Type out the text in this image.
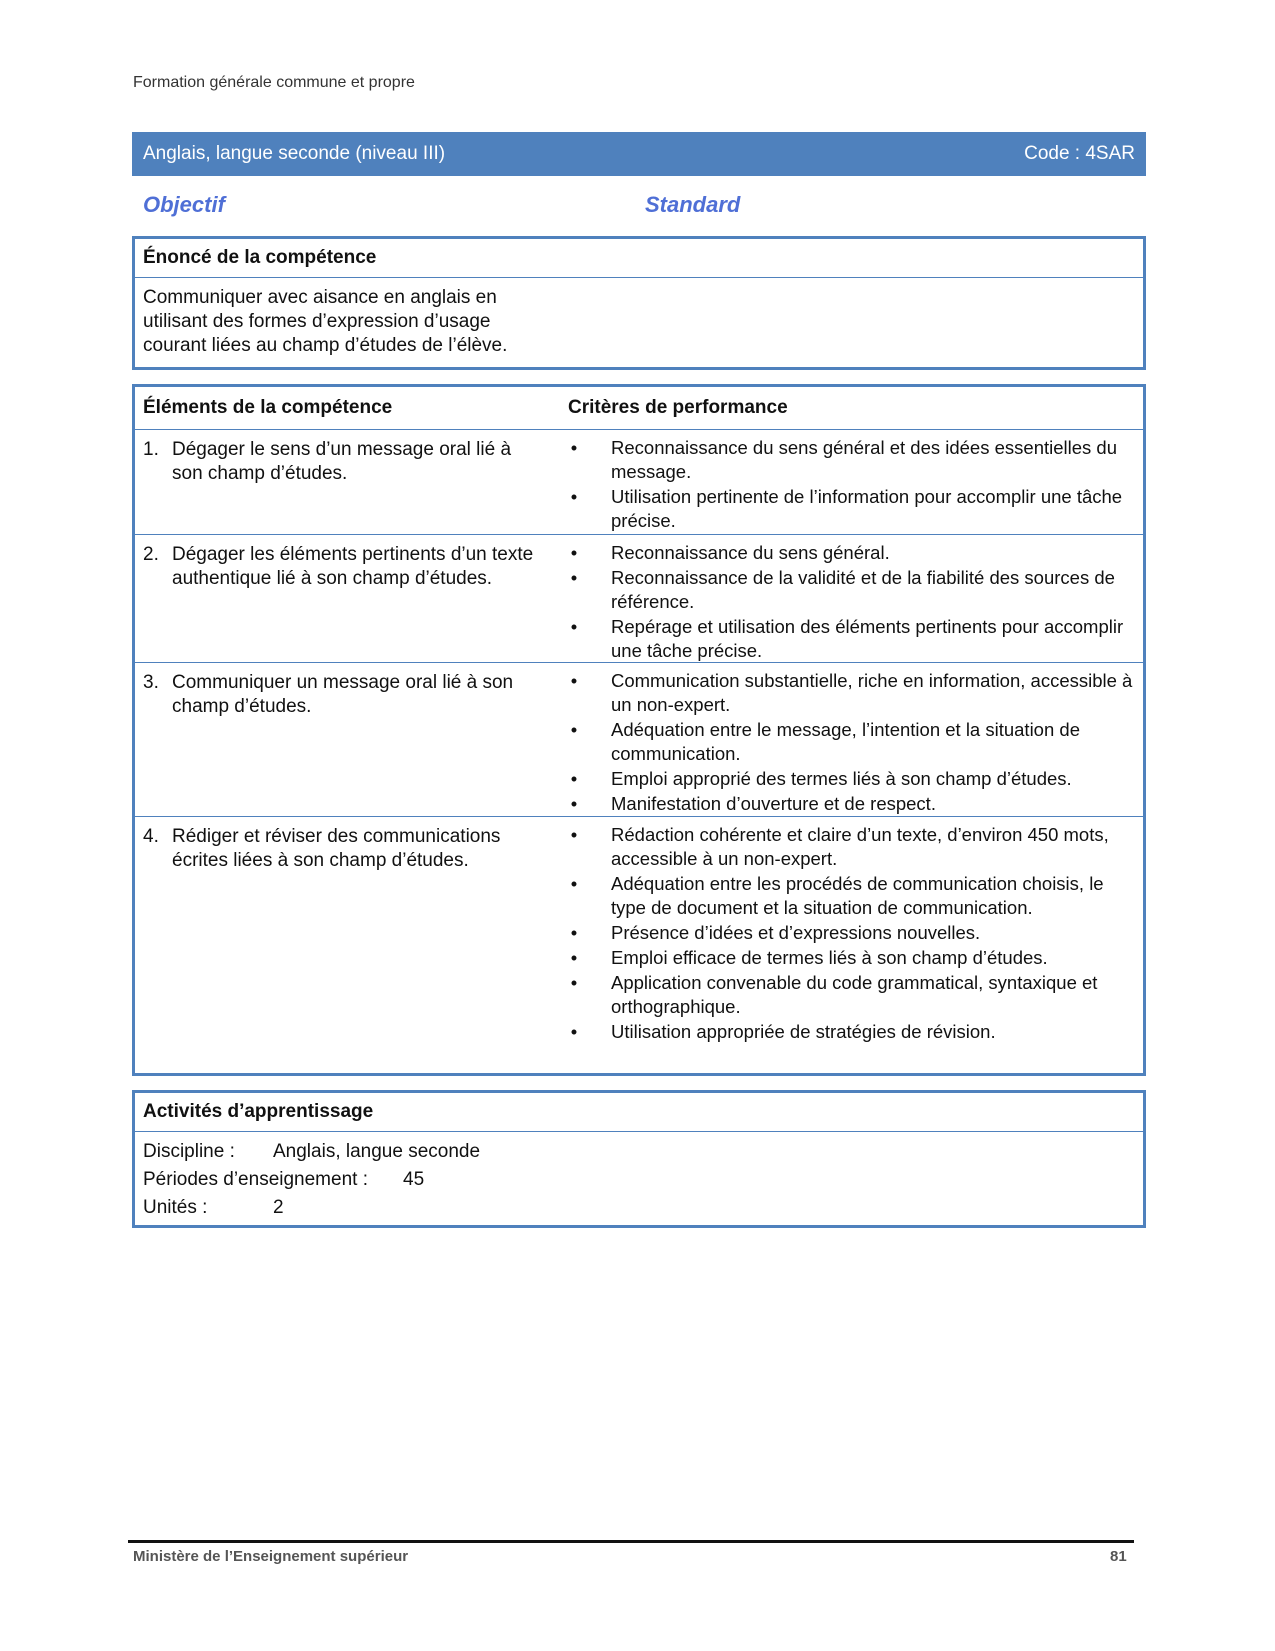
Formation générale commune et propre
Anglais, langue seconde (niveau III)	Code : 4SAR
Objectif	Standard
Énoncé de la compétence
Communiquer avec aisance en anglais en utilisant des formes d’expression d’usage courant liées au champ d’études de l’élève.
Éléments de la compétence	Critères de performance
1. Dégager le sens d’un message oral lié à son champ d’études.
• Reconnaissance du sens général et des idées essentielles du message.
• Utilisation pertinente de l’information pour accomplir une tâche précise.
2. Dégager les éléments pertinents d’un texte authentique lié à son champ d’études.
• Reconnaissance du sens général.
• Reconnaissance de la validité et de la fiabilité des sources de référence.
• Repérage et utilisation des éléments pertinents pour accomplir une tâche précise.
3. Communiquer un message oral lié à son champ d’études.
• Communication substantielle, riche en information, accessible à un non-expert.
• Adéquation entre le message, l’intention et la situation de communication.
• Emploi approprié des termes liés à son champ d’études.
• Manifestation d’ouverture et de respect.
4. Rédiger et réviser des communications écrites liées à son champ d’études.
• Rédaction cohérente et claire d’un texte, d’environ 450 mots, accessible à un non-expert.
• Adéquation entre les procédés de communication choisis, le type de document et la situation de communication.
• Présence d’idées et d’expressions nouvelles.
• Emploi efficace de termes liés à son champ d’études.
• Application convenable du code grammatical, syntaxique et orthographique.
• Utilisation appropriée de stratégies de révision.
Activités d’apprentissage
Discipline : Anglais, langue seconde
Périodes d’enseignement : 45
Unités :	2
Ministère de l’Enseignement supérieur	81
